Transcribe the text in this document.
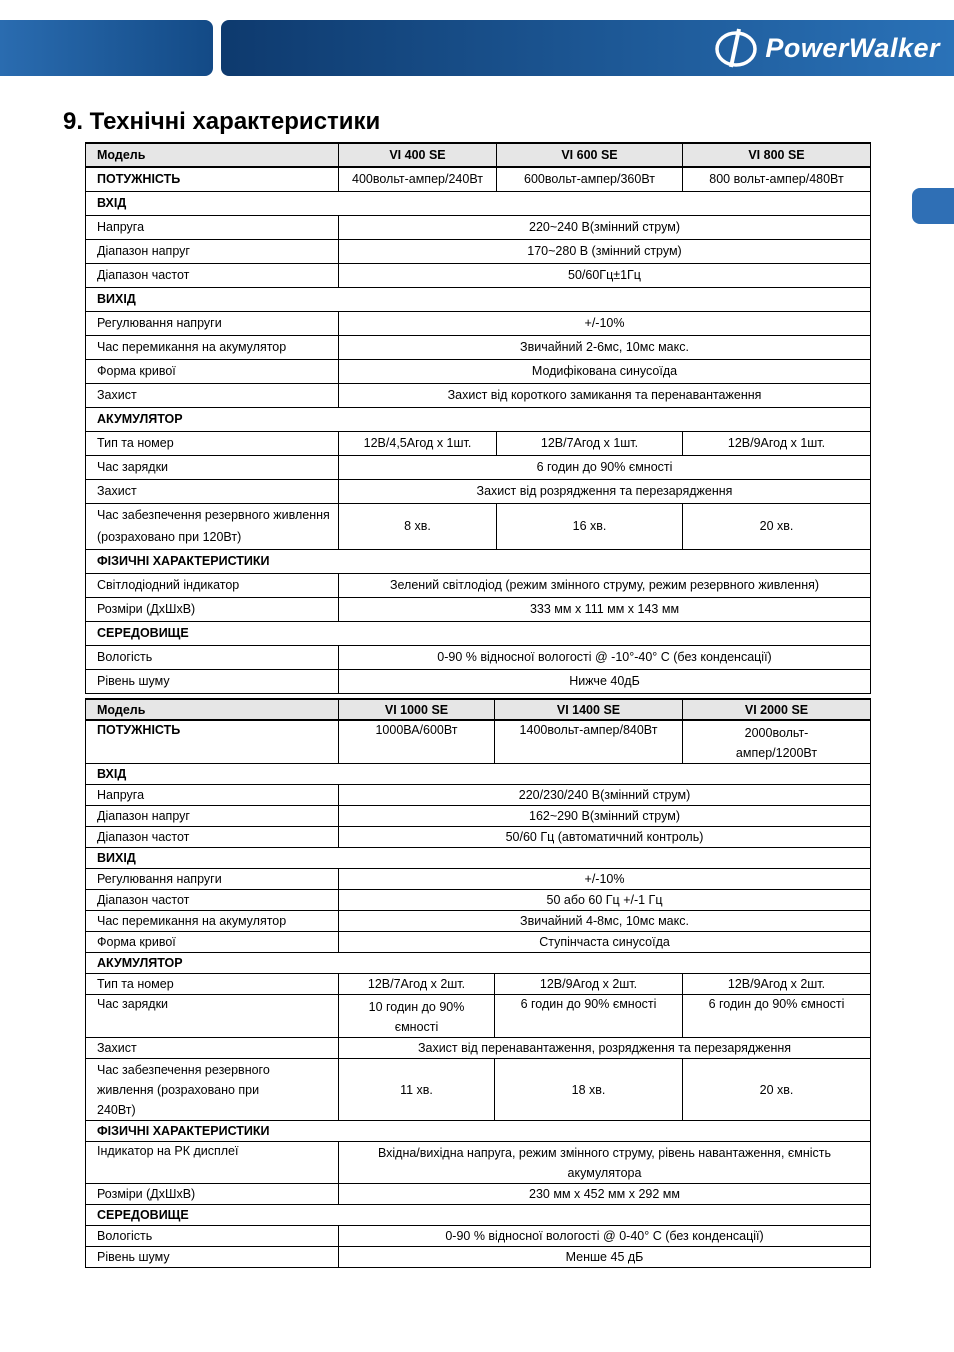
PowerWalker
9. Технічні характеристики
Модель	VI 400 SE	VI 600 SE	VI 800 SE
ПОТУЖНІСТЬ	400вольт-ампер/240Вт	600вольт-ампер/360Вт	800 вольт-ампер/480Вт
ВХІД			
Напруга	220~240 В(змінний струм)		
Діапазон напруг	170~280 В (змінний струм)		
Діапазон частот	50/60Гц±1Гц		
ВИХІД			
Регулювання напруги	+/-10%		
Час перемикання на акумулятор	Звичайний 2-6мс, 10мс макс.		
Форма кривої	Модифікована синусоїда		
Захист	Захист від короткого замикання та перенавантаження		
АКУМУЛЯТОР			
Тип та номер	12В/4,5Агод x 1шт.	12В/7Агод x 1шт.	12В/9Агод x 1шт.
Час зарядки	6 годин до 90% ємності		
Захист	Захист від розрядження та перезарядження		

Час забезпечення резервного живлення
(розраховано при 120Вт)	8 хв.	16 хв.	20 хв.
ФІЗИЧНІ ХАРАКТЕРИСТИКИ			
Світлодіодний індикатор	Зелений світлодіод (режим змінного струму, режим резервного живлення)		
Розміри (ДхШхВ)	333 мм x 111 мм x 143 мм		
СЕРЕДОВИЩЕ			
Вологість	0-90 % відносної вологості @ -10°-40° C (без конденсації)		
Рівень шуму	Нижче 40дБ		
Модель	VI 1000 SE	VI 1400 SE	VI 2000 SE
ПОТУЖНІСТЬ	1000ВА/600Вт	1400вольт-ампер/840Вт	2000вольт-ампер/1200Вт
ВХІД			
Напруга	220/230/240 В(змінний струм)		
Діапазон напруг	162~290 В(змінний струм)		
Діапазон частот	50/60 Гц (автоматичний контроль)		
ВИХІД			
Регулювання напруги	+/-10%		
Діапазон частот	50 або 60 Гц +/-1 Гц		
Час перемикання на акумулятор	Звичайний 4-8мс, 10мс макс.		
Форма кривої	Ступінчаста синусоїда		
АКУМУЛЯТОР			
Тип та номер	12В/7Агод x 2шт.	12В/9Агод x 2шт.	12В/9Агод x 2шт.
Час зарядки	10 годин до 90% ємності	6 годин до 90% ємності	6 годин до 90% ємності
Захист	Захист від перенавантаження, розрядження та перезарядження		
Час забезпечення резервного живлення (розраховано при 240Вт)	11 хв.	18 хв.	20 хв.
ФІЗИЧНІ ХАРАКТЕРИСТИКИ			
Індикатор на РК дисплеї	Вхідна/вихідна напруга, режим змінного струму, рівень навантаження, ємність акумулятора		
Розміри (ДхШхВ)	230 мм x 452 мм x 292 мм		
СЕРЕДОВИЩЕ			
Вологість	0-90 % відносної вологості @ 0-40° C (без конденсації)		
Рівень шуму	Менше 45 дБ		
